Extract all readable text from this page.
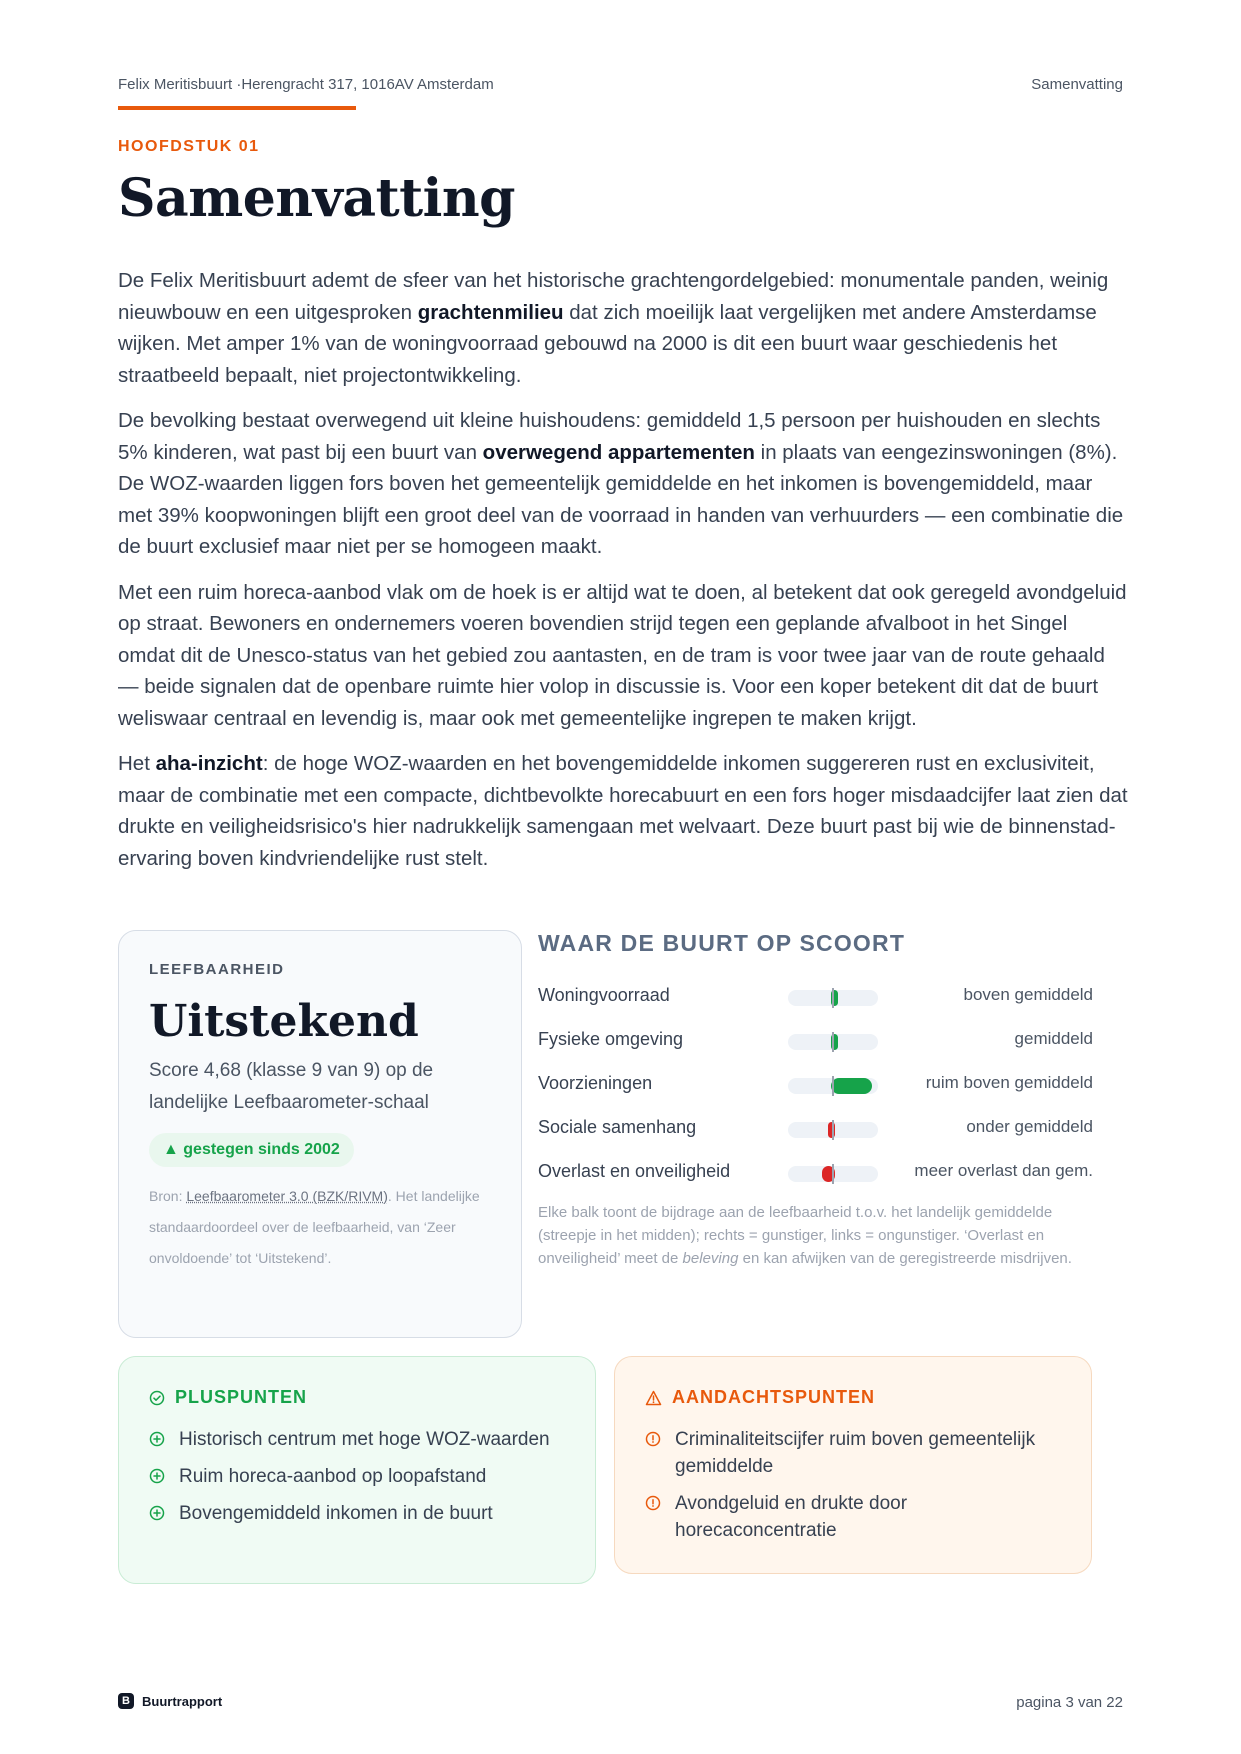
Felix Meritisbuurt ·Herengracht 317, 1016AV Amsterdam	Samenvatting
HOOFDSTUK 01
Samenvatting

De Felix Meritisbuurt ademt de sfeer van het historische grachtengordelgebied: monumentale panden, weinig nieuwbouw en een uitgesproken grachtenmilieu dat zich moeilijk laat vergelijken met andere Amsterdamse wijken. Met amper 1% van de woningvoorraad gebouwd na 2000 is dit een buurt waar geschiedenis het straatbeeld bepaalt, niet projectontwikkeling.

De bevolking bestaat overwegend uit kleine huishoudens: gemiddeld 1,5 persoon per huishouden en slechts 5% kinderen, wat past bij een buurt van overwegend appartementen in plaats van eengezinswoningen (8%). De WOZ-waarden liggen fors boven het gemeentelijk gemiddelde en het inkomen is bovengemiddeld, maar met 39% koopwoningen blijft een groot deel van de voorraad in handen van verhuurders — een combinatie die de buurt exclusief maar niet per se homogeen maakt.

Met een ruim horeca-aanbod vlak om de hoek is er altijd wat te doen, al betekent dat ook geregeld avondgeluid op straat. Bewoners en ondernemers voeren bovendien strijd tegen een geplande afvalboot in het Singel omdat dit de Unesco-status van het gebied zou aantasten, en de tram is voor twee jaar van de route gehaald — beide signalen dat de openbare ruimte hier volop in discussie is. Voor een koper betekent dit dat de buurt weliswaar centraal en levendig is, maar ook met gemeentelijke ingrepen te maken krijgt.

Het aha-inzicht: de hoge WOZ-waarden en het bovengemiddelde inkomen suggereren rust en exclusiviteit, maar de combinatie met een compacte, dichtbevolkte horecabuurt en een fors hoger misdaadcijfer laat zien dat drukte en veiligheidsrisico's hier nadrukkelijk samengaan met welvaart. Deze buurt past bij wie de binnenstad-ervaring boven kindvriendelijke rust stelt.

LEEFBAARHEID
Uitstekend
Score 4,68 (klasse 9 van 9) op de landelijke Leefbaarometer-schaal
▲ gestegen sinds 2002
Bron: Leefbaarometer 3.0 (BZK/RIVM). Het landelijke standaardoordeel over de leefbaarheid, van ‘Zeer onvoldoende’ tot ‘Uitstekend’.
WAAR DE BUURT OP SCOORT
Woningvoorraad	boven gemiddeld
Fysieke omgeving	gemiddeld
Voorzieningen	ruim boven gemiddeld
Sociale samenhang	onder gemiddeld
Overlast en onveiligheid	meer overlast dan gem.
Elke balk toont de bijdrage aan de leefbaarheid t.o.v. het landelijk gemiddelde (streepje in het midden); rechts = gunstiger, links = ongunstiger. ‘Overlast en onveiligheid’ meet de beleving en kan afwijken van de geregistreerde misdrijven.
PLUSPUNTEN
Historisch centrum met hoge WOZ-waarden
Ruim horeca-aanbod op loopafstand
Bovengemiddeld inkomen in de buurt
AANDACHTSPUNTEN
Criminaliteitscijfer ruim boven gemeentelijk gemiddelde
Avondgeluid en drukte door horecaconcentratie
B Buurtrapport	pagina 3 van 22
